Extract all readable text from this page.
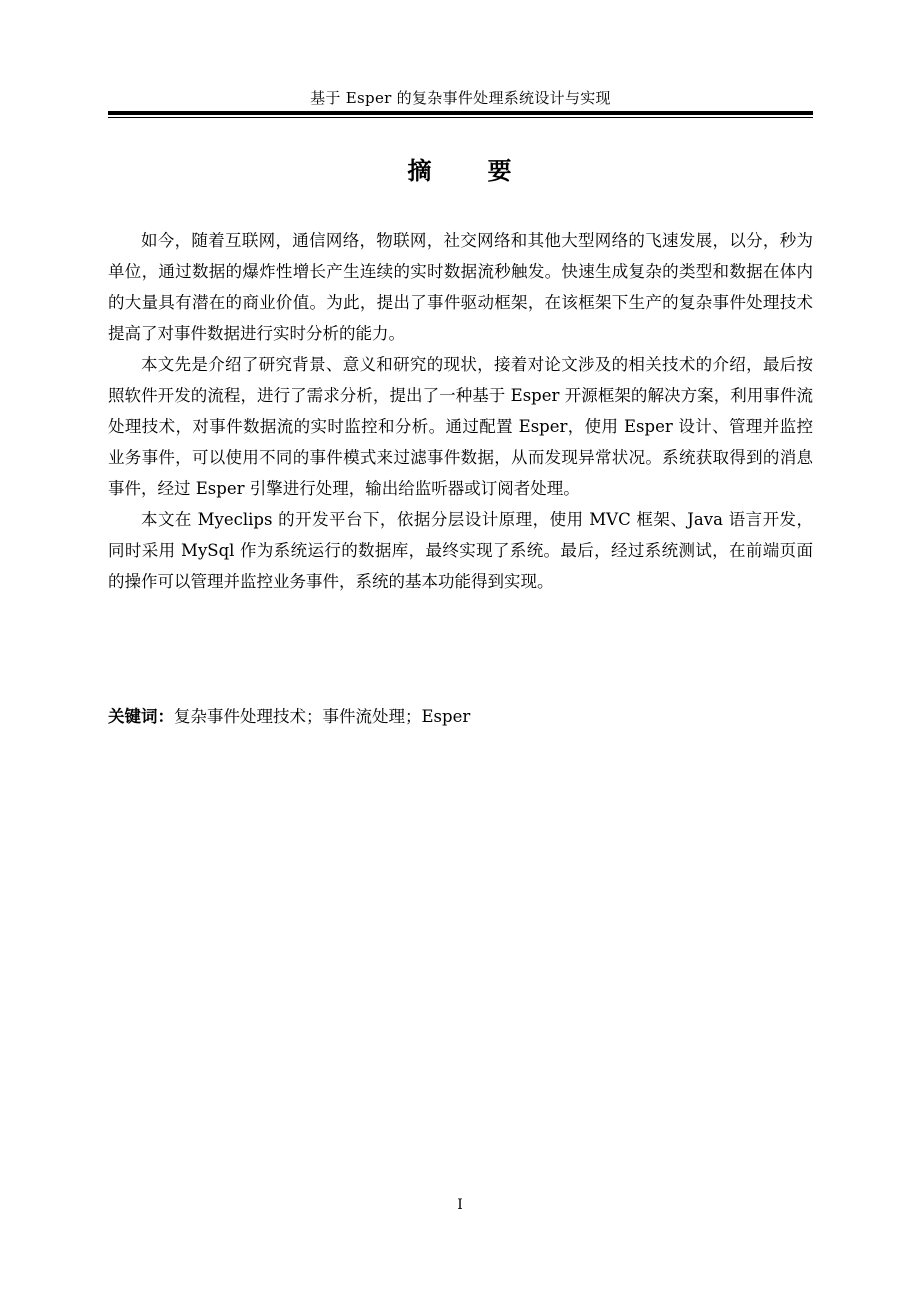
基于 Esper 的复杂事件处理系统设计与实现
摘 要

如今，随着互联网，通信网络，物联网，社交网络和其他大型网络的飞速发展，以分，秒为单位，通过数据的爆炸性增长产生连续的实时数据流秒触发。快速生成复杂的类型和数据在体内的大量具有潜在的商业价值。为此，提出了事件驱动框架，在该框架下生产的复杂事件处理技术提高了对事件数据进行实时分析的能力。

本文先是介绍了研究背景、意义和研究的现状，接着对论文涉及的相关技术的介绍，最后按照软件开发的流程，进行了需求分析，提出了一种基于 Esper 开源框架的解决方案，利用事件流处理技术，对事件数据流的实时监控和分析。通过配置 Esper，使用 Esper 设计、管理并监控业务事件，可以使用不同的事件模式来过滤事件数据，从而发现异常状况。系统获取得到的消息事件，经过 Esper 引擎进行处理，输出给监听器或订阅者处理。

本文在 Myeclips 的开发平台下，依据分层设计原理，使用 MVC 框架、Java 语言开发，同时采用 MySql 作为系统运行的数据库，最终实现了系统。最后，经过系统测试，在前端页面的操作可以管理并监控业务事件，系统的基本功能得到实现。

关键词：复杂事件处理技术；事件流处理；Esper
I
